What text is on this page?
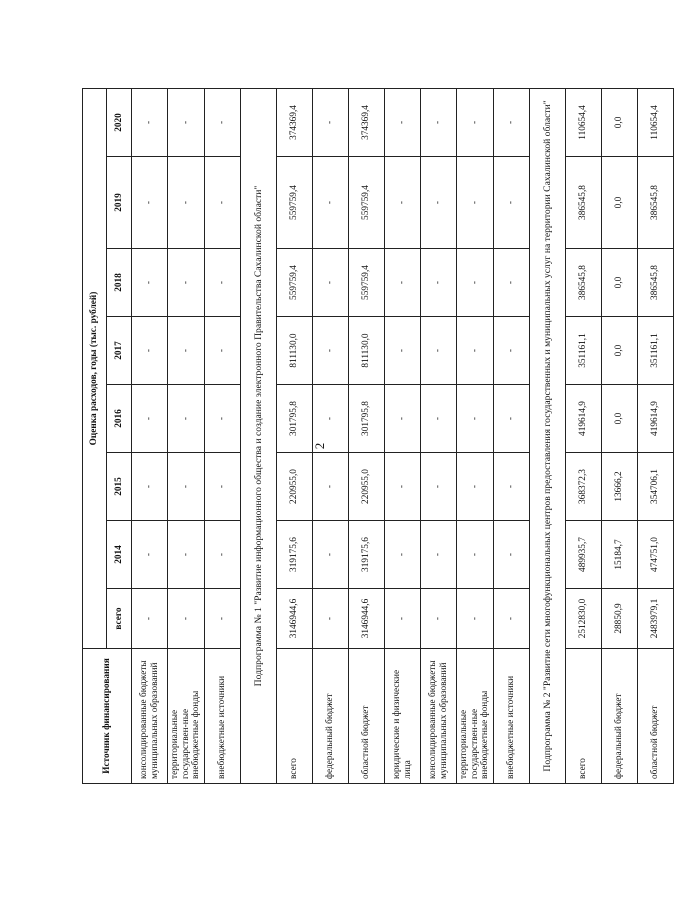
2
Источник финансирования	Оценка расходов, годы (тыс. рублей)							
	всего	2014	2015	2016	2017	2018	2019	2020
консолидированные бюджеты муниципальных образований	-	-	-	-	-	-	-	-
территориальные государствен-ные внебюджетные фонды	-	-	-	-	-	-	-	-
внебюджетные источники	-	-	-	-	-	-	-	-
Подпрограмма № 1 "Развитие информационного общества и создание электронного Правительства Сахалинской области"								
всего	3146944,6	319175,6	220955,0	301795,8	811130,0	559759,4	559759,4	374369,4
федеральный бюджет	-	-	-	-	-	-	-	-
областной бюджет	3146944,6	319175,6	220955,0	301795,8	811130,0	559759,4	559759,4	374369,4
юридические и физические лица	-	-	-	-	-	-	-	-
консолидированные бюджеты муниципальных образований	-	-	-	-	-	-	-	-
территориальные государствен-ные внебюджетные фонды	-	-	-	-	-	-	-	-
внебюджетные источники	-	-	-	-	-	-	-	-
Подпрограмма № 2 "Развитие сети многофункциональных центров предоставления государственных и муниципальных услуг на территории Сахалинской области"								
всего	2512830,0	489935,7	368372,3	419614,9	351161,1	386545,8	386545,8	110654,4
федеральный бюджет	28850,9	15184,7	13666,2	0,0	0,0	0,0	0,0	0,0
областной бюджет	2483979,1	474751,0	354706,1	419614,9	351161,1	386545,8	386545,8	110654,4
